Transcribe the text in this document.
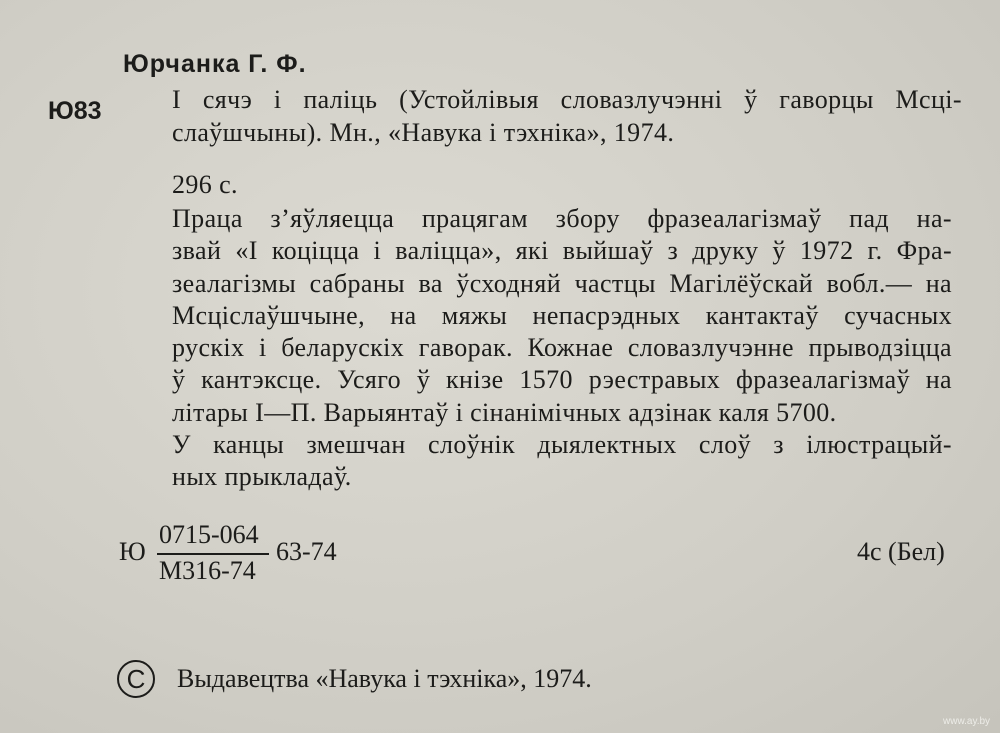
Юрчанка Г. Ф.
Ю83	I сячэ і паліць (Устойлівыя словазлучэнні ў гаворцы Мсці-
слаўшчыны). Мн., «Навука і тэхніка», 1974.
296 с.
Праца з’яўляецца працягам збору фразеалагізмаў пад на-
звай «I коціцца і валіцца», які выйшаў з друку ў 1972 г. Фра-
зеалагізмы сабраны ва ўсходняй частцы Магілёўскай вобл.— на
Мсціслаўшчыне, на мяжы непасрэдных кантактаў сучасных
рускіх і беларускіх гаворак. Кожнае словазлучэнне прыводзіцца
ў кантэксце. Усяго ў кнізе 1570 рэестравых фразеалагізмаў на
літары I—П. Варыянтаў і сінанімічных адзінак каля 5700.
У канцы змешчан слоўнік дыялектных слоў з ілюстрацый-
ных прыкладаў.
Ю
0715-064
М316-74
63-74	4с (Бел)
C	Выдавецтва «Навука і тэхніка», 1974.
www.ay.by
